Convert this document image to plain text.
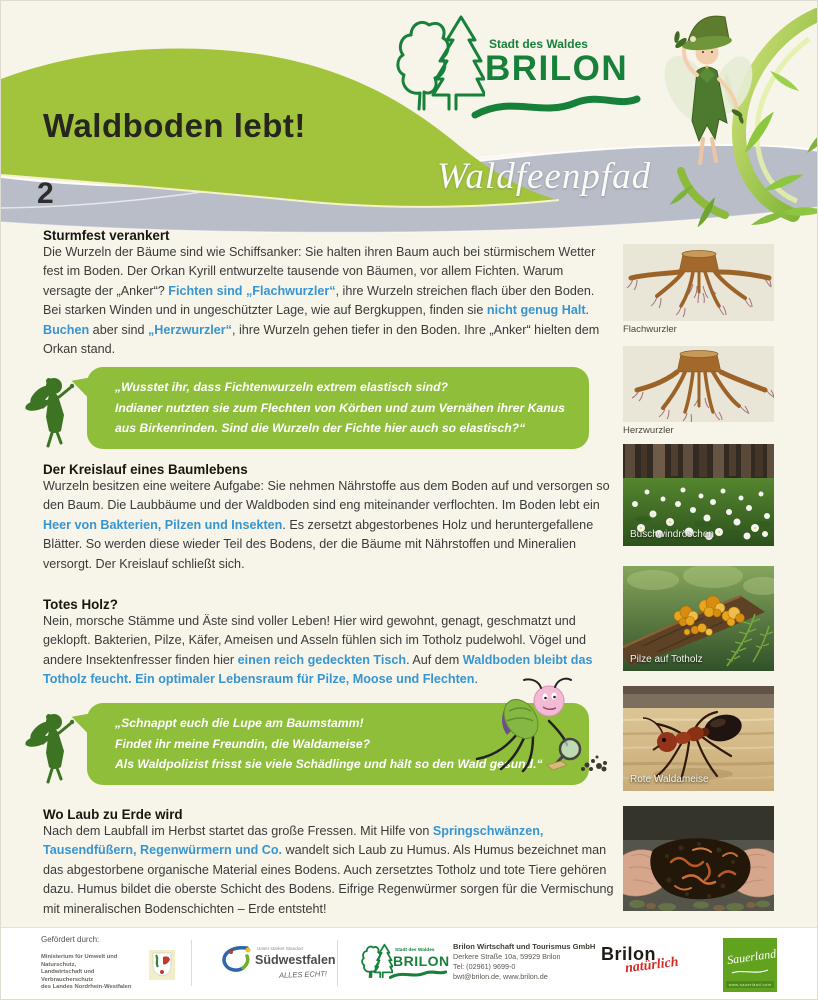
Stadt des Waldes
BRILON
Waldboden lebt!
2	Waldfeenpfad
Sturmfest verankert

Die Wurzeln der Bäume sind wie Schiffsanker: Sie halten ihren Baum auch bei stürmischem Wetter fest im Boden. Der Orkan Kyrill entwurzelte tausende von Bäumen, vor allem Fichten. Warum versagte der „Anker“? Fichten sind „Flachwurzler“, ihre Wurzeln streichen flach über den Boden. Bei starken Winden und in ungeschützter Lage, wie auf Bergkuppen, finden sie nicht genug Halt. Buchen aber sind „Herzwurzler“, ihre Wurzeln gehen tiefer in den Boden. Ihre „Anker“ hielten dem Orkan stand.

„Wusstet ihr, dass Fichtenwurzeln extrem elastisch sind?
Indianer nutzten sie zum Flechten von Körben und zum Vernähen ihrer Kanus
aus Birkenrinden. Sind die Wurzeln der Fichte hier auch so elastisch?“
Der Kreislauf eines Baumlebens

Wurzeln besitzen eine weitere Aufgabe: Sie nehmen Nährstoffe aus dem Boden auf und versorgen so den Baum. Die Laubbäume und der Waldboden sind eng miteinander verflochten. Im Boden lebt ein Heer von Bakterien, Pilzen und Insekten. Es zersetzt abgestorbenes Holz und heruntergefallene Blätter. So werden diese wieder Teil des Bodens, der die Bäume mit Nährstoffen und Mineralien versorgt. Der Kreislauf schließt sich.

Totes Holz?

Nein, morsche Stämme und Äste sind voller Leben! Hier wird gewohnt, genagt, geschmatzt und geklopft. Bakterien, Pilze, Käfer, Ameisen und Asseln fühlen sich im Totholz pudelwohl. Vögel und andere Insektenfresser finden hier einen reich gedeckten Tisch. Auf dem Waldboden bleibt das Totholz feucht. Ein optimaler Lebensraum für Pilze, Moose und Flechten.

„Schnappt euch die Lupe am Baumstamm!
Findet ihr meine Freundin, die Waldameise?
Als Waldpolizist frisst sie viele Schädlinge und hält so den Wald gesund.“
Wo Laub zu Erde wird

Nach dem Laubfall im Herbst startet das große Fressen. Mit Hilfe von Springschwänzen, Tausendfüßern, Regenwürmern und Co. wandelt sich Laub zu Humus. Als Humus bezeichnet man das abgestorbene organische Material eines Bodens. Auch zersetztes Totholz und tote Tiere gehören dazu. Humus bildet die oberste Schicht des Bodens. Eifrige Regenwürmer sorgen für die Vermischung mit mineralischen Bodenschichten – Erde entsteht!

Flachwurzler
Herzwurzler
Buschwindröschen
Pilze auf Totholz
Rote Waldameise
Gefördert durch:
Ministerium für Umwelt und Naturschutz,
Landwirtschaft und Verbraucherschutz
des Landes Nordrhein-Westfalen
Unser starker Standort
Südwestfalen
ALLES ECHT!
Stadt des Waldes
BRILON
Brilon Wirtschaft und Tourismus GmbH
Derkere Straße 10a, 59929 Brilon
Tel: (02961) 9699-0
bwt@brilon.de, www.brilon.de
Brilon
natürlich	Sauerland
www.sauerland.com
